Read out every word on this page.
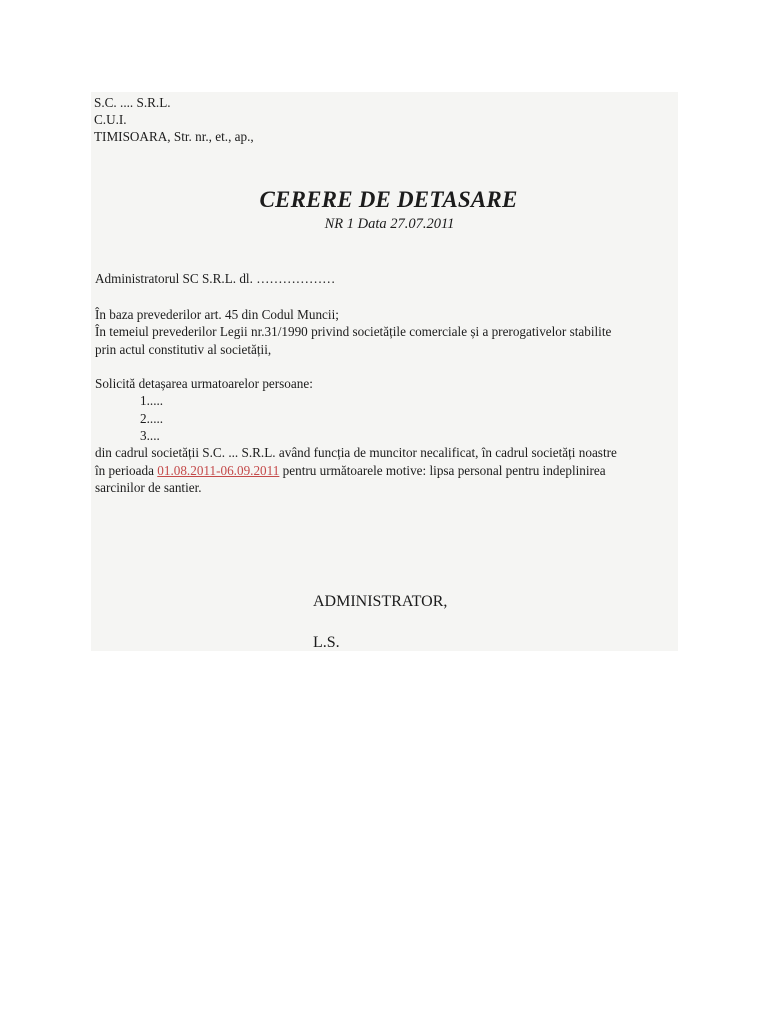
S.C. .... S.R.L.
C.U.I.
TIMISOARA, Str. nr., et., ap.,
CERERE DE DETASARE
NR 1 Data 27.07.2011
Administratorul SC S.R.L. dl. ………………
În baza prevederilor art. 45 din Codul Muncii;
În temeiul prevederilor Legii nr.31/1990 privind societățile comerciale și a prerogativelor stabilite
prin actul constitutiv al societății,
Solicită detașarea urmatoarelor persoane:
1.....
2.....
3....
din cadrul societății S.C. ... S.R.L. având funcția de muncitor necalificat, în cadrul societăți noastre
în perioada 01.08.2011-06.09.2011 pentru următoarele motive: lipsa personal pentru indeplinirea
sarcinilor de santier.
ADMINISTRATOR,
L.S.
